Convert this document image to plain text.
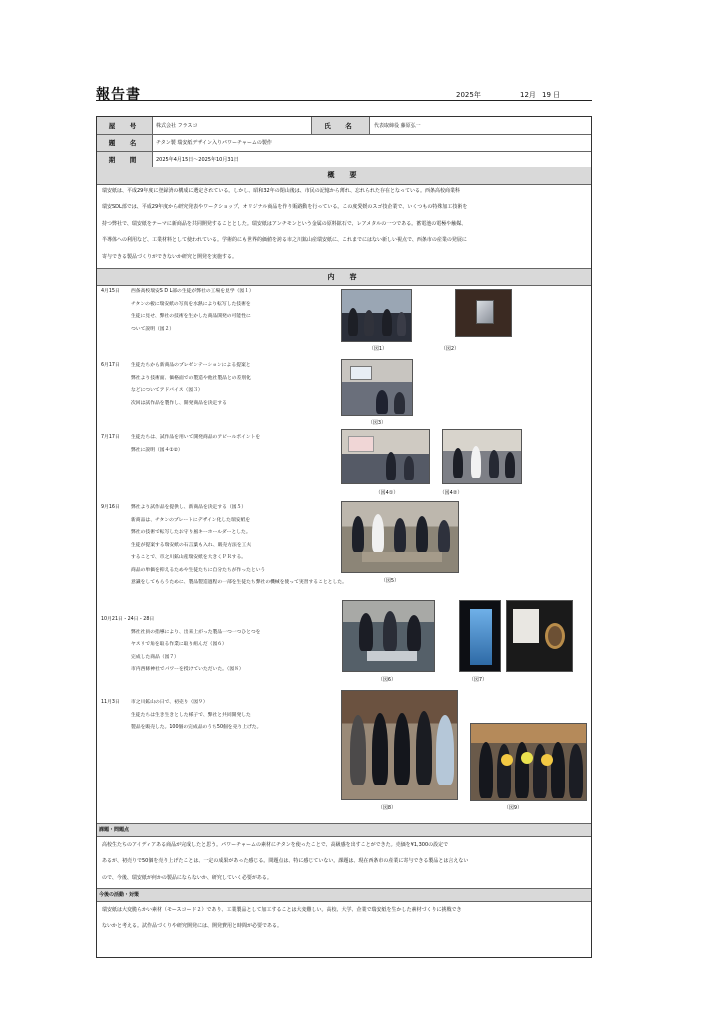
報告書	2025年	12月 19 日
屋　号	株式会社 フラスコ	氏　名	代表取締役 藤原弘一
題　名	チタン製 瑞安紙デザイン入りパワーチャームの製作
期　間	2025年4月15日～2025年10月31日
概　要
瑞安紙は、平成29年度に登録済の構成に選定されている。しかし、昭和32年の閉山後は、市民の記憶から薄れ、忘れられた存在となっている。西条高校商業科
瑞安SDL部では、平成29年度から研究発表やワークショップ、オリジナル商品を作り販路動を行っている。この度愛媛のスゴ技企業で、いくつもの特殊加工技術を
持つ弊社で、瑞安紙をテーマに新商品を共同開発することとした。瑞安紙はアンチモンという金属の原料鉱石で、レアメタルの一つである。蓄電池の電極や触媒、
半導体への利用など、工業材料として使われている。学術的にも世界的価値を誇る市之川鉱山産瑞安紙に、これまでにはない新しい視点で、西条市の産業の発展に
寄与できる製品づくりができないか研究と開発を実施する。
内　容
4月15日 西条高校瑞安S D L部の生徒が弊社の工場を見学（図１）
チタンの板に瑞安紙の写真を水熱により転写した技術を
生徒に見せ、弊社の技術を生かした商品開発の可能性に
ついて説明（図２）
6月17日 生徒たちから新商品のプレゼンテーションによる提案と
弊社より技術面、価格面での製造や他社製品との差別化
などについてアドバイス（図３）
次回は試作品を製作し、開発商品を決定する
7月17日 生徒たちは、試作品を用いて開発商品のアピールポイントを
弊社に説明（図４①②）
9月16日 弊社より試作品を提供し、新商品を決定する（図５）
新商品は、チタンのプレートにデザイン化した瑞安紙を
弊社の技術で転写したお守り風キーホールダーとした。
生徒が提案する瑞安紙の石言葉も入れ、販売方法を工夫
することで、市之川鉱山産瑞安紙を大きくＰＲする。
商品の単価を抑えるためや生徒たちに自分たちが作ったという
意識をしてもらうために、製品製造過程の一部を生徒たち弊社の機械を使って実習することとした。
10月21日・24日・28日
弊社社員の指導により、出来上がった製品一つ一つひとつを
ヤスリで角を取る作業に取り組んだ（図６）
完成した商品（図７）
市内西條神社でパワーを授けていただいた。（図８）
11月3日 市之川鉱山の日で、初売り（図９）
生徒たちは生き生きとした様子で、弊社と共同開発した
製品を販売した。100個の完成品のうち50個を売り上げた。
（図1）	（図2）
（図3）
（図4①）	（図4②）
（図5）
（図6）	（図7）
（図8）	（図9）
課題・問題点
高校生たちのアイディアある商品が完成したと思う。パワーチャームの素材にチタンを使ったことで、高級感を出すことができた。売価を¥1,300の設定で
あるが、初売りで50個を売り上げたことは、一定の成果があった感じる。問題点は、特に感じていない。課題は、現在西条市の産業に寄与できる製品とは言えない
ので、今後、瑞安紙が何かの製品にならないか、研究していく必要がある。
今後の活動・対策
瑞安紙は大変脆らかい素材（モースコード２）であり、工業製品として加工することは大変難しい。高校、大学、企業で瑞安紙を生かした素材づくりに挑戦でき
ないかと考える。試作品づくりや研究開発には、開発費用と時間が必要である。
